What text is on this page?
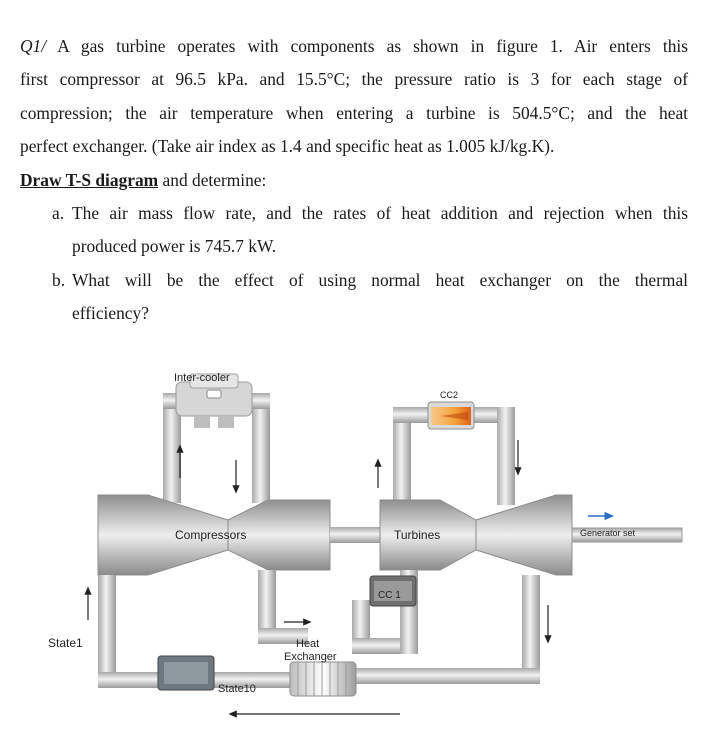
Q1/ A gas turbine operates with components as shown in figure 1. Air enters this
first compressor at 96.5 kPa. and 15.5°C; the pressure ratio is 3 for each stage of
compression; the air temperature when entering a turbine is 504.5°C; and the heat
perfect exchanger. (Take air index as 1.4 and specific heat as 1.005 kJ/kg.K).
Draw T-S diagram and determine:
a. The air mass flow rate, and the rates of heat addition and rejection when this
produced power is 745.7 kW.
b. What will be the effect of using normal heat exchanger on the thermal
efficiency?
Inter-cooler
CC2
Compressors	Turbines	Generator set
CC 1
Heat
Exchanger
State10
State1
